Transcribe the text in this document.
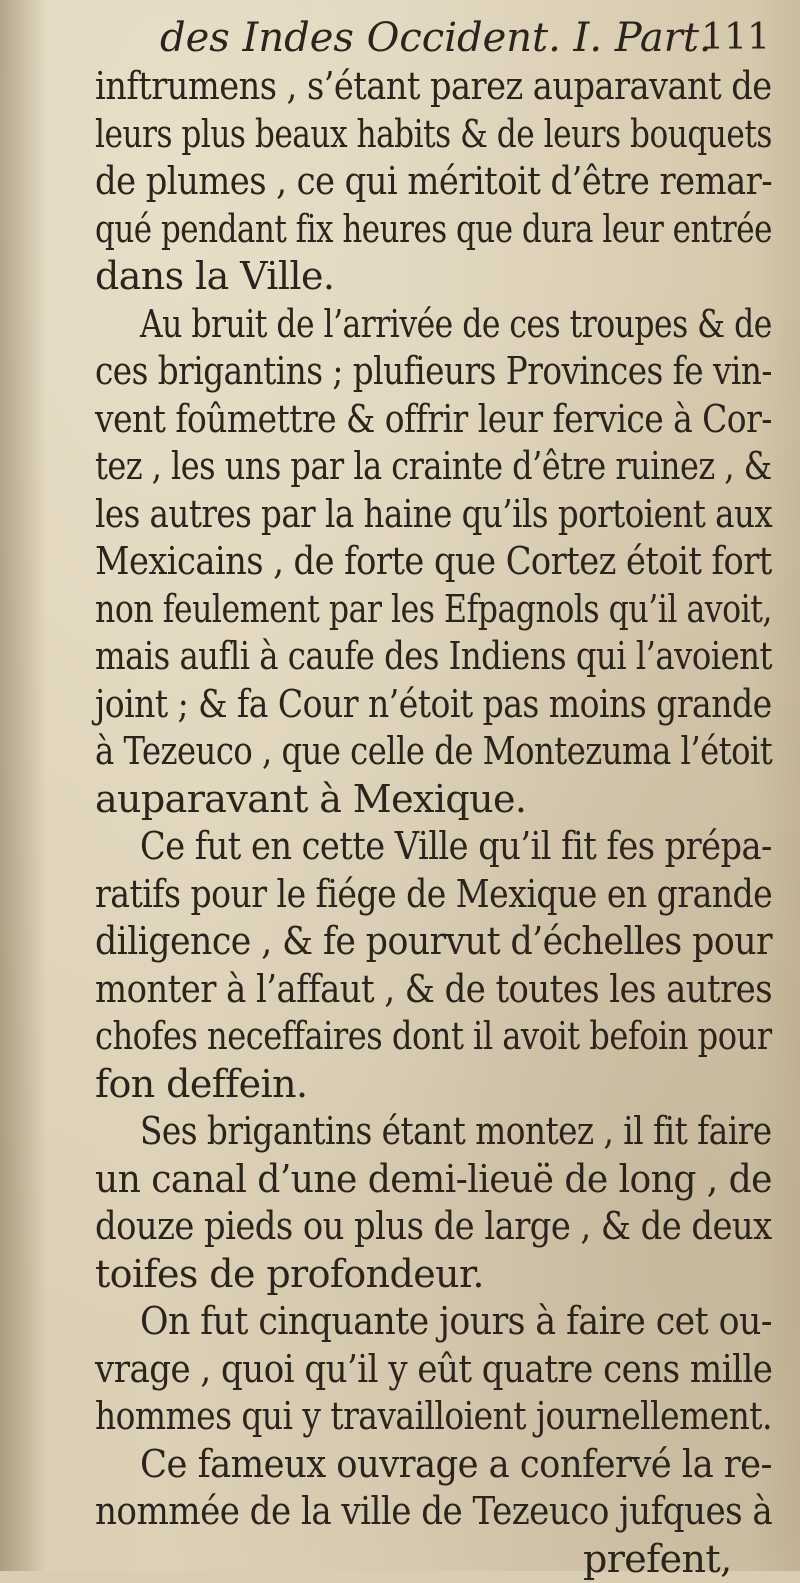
des Indes Occident. I. Part.
111
inftrumens , s’étant parez auparavant de
leurs plus beaux habits & de leurs bouquets
de plumes , ce qui méritoit d’être remar-
qué pendant fix heures que dura leur entrée
dans la Ville.
Au bruit de l’arrivée de ces troupes & de
ces brigantins ; plufieurs Provinces fe vin-
vent foûmettre & offrir leur fervice à Cor-
tez , les uns par la crainte d’être ruinez , &
les autres par la haine qu’ils portoient aux
Mexicains , de forte que Cortez étoit fort
non feulement par les Efpagnols qu’il avoit,
mais aufli à caufe des Indiens qui l’avoient
joint ; & fa Cour n’étoit pas moins grande
à Tezeuco , que celle de Montezuma l’étoit
auparavant à Mexique.
Ce fut en cette Ville qu’il fit fes prépa-
ratifs pour le fiége de Mexique en grande
diligence , & fe pourvut d’échelles pour
monter à l’affaut , & de toutes les autres
chofes neceffaires dont il avoit befoin pour
fon deffein.
Ses brigantins étant montez , il fit faire
un canal d’une demi-lieuë de long , de
douze pieds ou plus de large , & de deux
toifes de profondeur.
On fut cinquante jours à faire cet ou-
vrage , quoi qu’il y eût quatre cens mille
hommes qui y travailloient journellement.
Ce fameux ouvrage a confervé la re-
nommée de la ville de Tezeuco jufques à
prefent,
